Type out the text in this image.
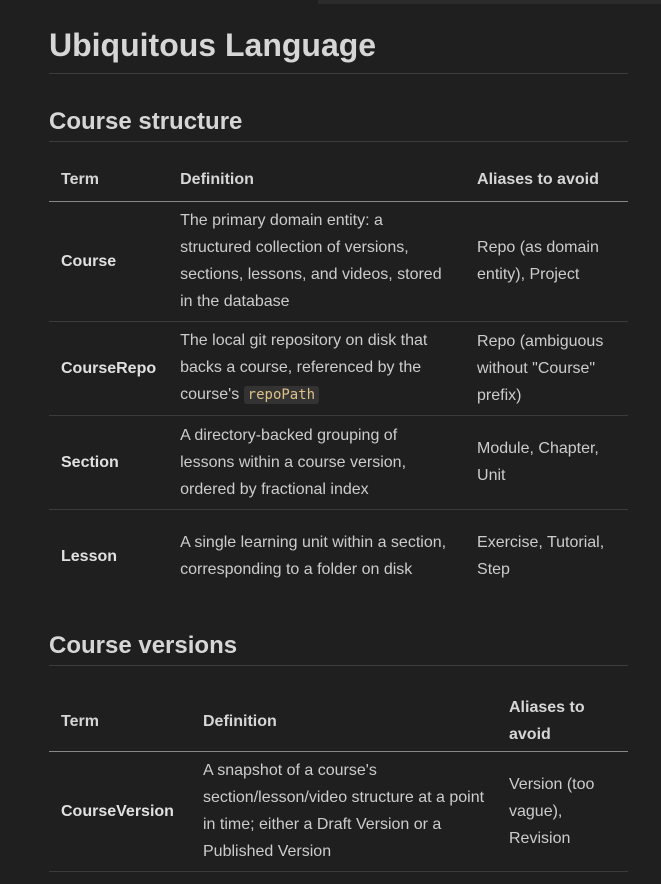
Ubiquitous Language
Course structure
Term	Definition	Aliases to avoid
Course	The primary domain entity: a structured collection of versions, sections, lessons, and videos, stored in the database	Repo (as domain entity), Project
CourseRepo	The local git repository on disk that backs a course, referenced by the course's repoPath	Repo (ambiguous without "Course" prefix)
Section	A directory-backed grouping of lessons within a course version, ordered by fractional index	Module, Chapter, Unit
Lesson	A single learning unit within a section, corresponding to a folder on disk	Exercise, Tutorial, Step
Course versions
Term	Definition	Aliases to avoid
CourseVersion	A snapshot of a course's section/lesson/video structure at a point in time; either a Draft Version or a Published Version	Version (too vague), Revision
